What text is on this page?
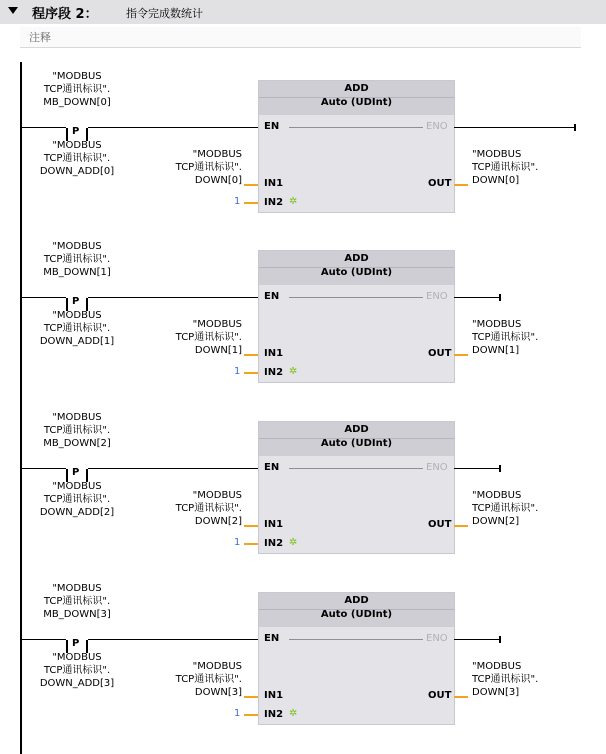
程序段 2：	指令完成数统计
注释
"MODBUS
TCP通讯标识".
MB_DOWN[0]
P
"MODBUS
TCP通讯标识".
DOWN_ADD[0]
ADD
Auto (UDInt)
EN	ENO
IN1
IN2 ✲
OUT
"MODBUS
TCP通讯标识".
DOWN[0]
1
"MODBUS
TCP通讯标识".
DOWN[0]
"MODBUS
TCP通讯标识".
MB_DOWN[1]
P
"MODBUS
TCP通讯标识".
DOWN_ADD[1]
ADD
Auto (UDInt)
EN	ENO
IN1
IN2 ✲
OUT
"MODBUS
TCP通讯标识".
DOWN[1]
1
"MODBUS
TCP通讯标识".
DOWN[1]
"MODBUS
TCP通讯标识".
MB_DOWN[2]
P
"MODBUS
TCP通讯标识".
DOWN_ADD[2]
ADD
Auto (UDInt)
EN	ENO
IN1
IN2 ✲
OUT
"MODBUS
TCP通讯标识".
DOWN[2]
1
"MODBUS
TCP通讯标识".
DOWN[2]
"MODBUS
TCP通讯标识".
MB_DOWN[3]
P
"MODBUS
TCP通讯标识".
DOWN_ADD[3]
ADD
Auto (UDInt)
EN	ENO
IN1
IN2 ✲
OUT
"MODBUS
TCP通讯标识".
DOWN[3]
1
"MODBUS
TCP通讯标识".
DOWN[3]
